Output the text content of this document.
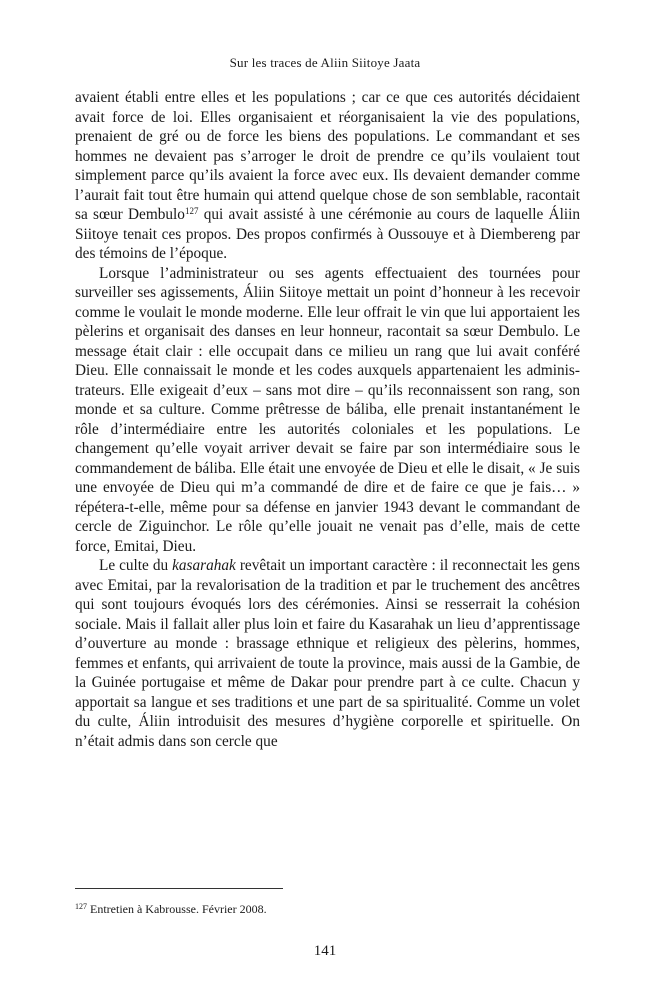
Sur les traces de Aliin Siitoye Jaata

avaient établi entre elles et les populations ; car ce que ces autorités décidaient avait force de loi. Elles organisaient et réorganisaient la vie des populations, prenaient de gré ou de force les biens des populations. Le commandant et ses hommes ne devaient pas s’arroger le droit de prendre ce qu’ils voulaient tout simplement parce qu’ils avaient la force avec eux. Ils devaient demander comme l’aurait fait tout être humain qui attend quelque chose de son semblable, racontait sa sœur Dembulo$^{127}$ qui avait assisté à une cérémonie au cours de laquelle Áliin Siitoye tenait ces propos. Des propos confirmés à Oussouye et à Diembereng par des témoins de l’époque.

Lorsque l’administrateur ou ses agents effectuaient des tournées pour surveiller ses agissements, Áliin Siitoye mettait un point d’honneur à les recevoir comme le voulait le monde moderne. Elle leur offrait le vin que lui apportaient les pèlerins et organisait des danses en leur honneur, racontait sa sœur Dembulo. Le message était clair : elle occupait dans ce milieu un rang que lui avait conféré Dieu. Elle connaissait le monde et les codes auxquels appartenaient les administrateurs. Elle exigeait d’eux – sans mot dire – qu’ils reconnaissent son rang, son monde et sa culture. Comme prêtresse de báliba, elle prenait instantanément le rôle d’intermédiaire entre les autorités coloniales et les populations. Le changement qu’elle voyait arriver devait se faire par son intermédiaire sous le commandement de báliba. Elle était une envoyée de Dieu et elle le disait, « Je suis une envoyée de Dieu qui m’a commandé de dire et de faire ce que je fais… » répétera-t-elle, même pour sa défense en janvier 1943 devant le commandant de cercle de Ziguinchor. Le rôle qu’elle jouait ne venait pas d’elle, mais de cette force, Emitai, Dieu.

Le culte du kasarahak revêtait un important caractère : il reconnectait les gens avec Emitai, par la revalorisation de la tradition et par le truchement des ancêtres qui sont toujours évoqués lors des cérémonies. Ainsi se resserrait la cohésion sociale. Mais il fallait aller plus loin et faire du Kasarahak un lieu d’apprentissage d’ouverture au monde : brassage ethnique et religieux des pèlerins, hommes, femmes et enfants, qui arrivaient de toute la province, mais aussi de la Gambie, de la Guinée portugaise et même de Dakar pour prendre part à ce culte. Chacun y apportait sa langue et ses traditions et une part de sa spiritualité. Comme un volet du culte, Áliin introduisit des mesures d’hygiène corporelle et spirituelle. On n’était admis dans son cercle que

$^{127}$ Entretien à Kabrousse. Février 2008.
141
